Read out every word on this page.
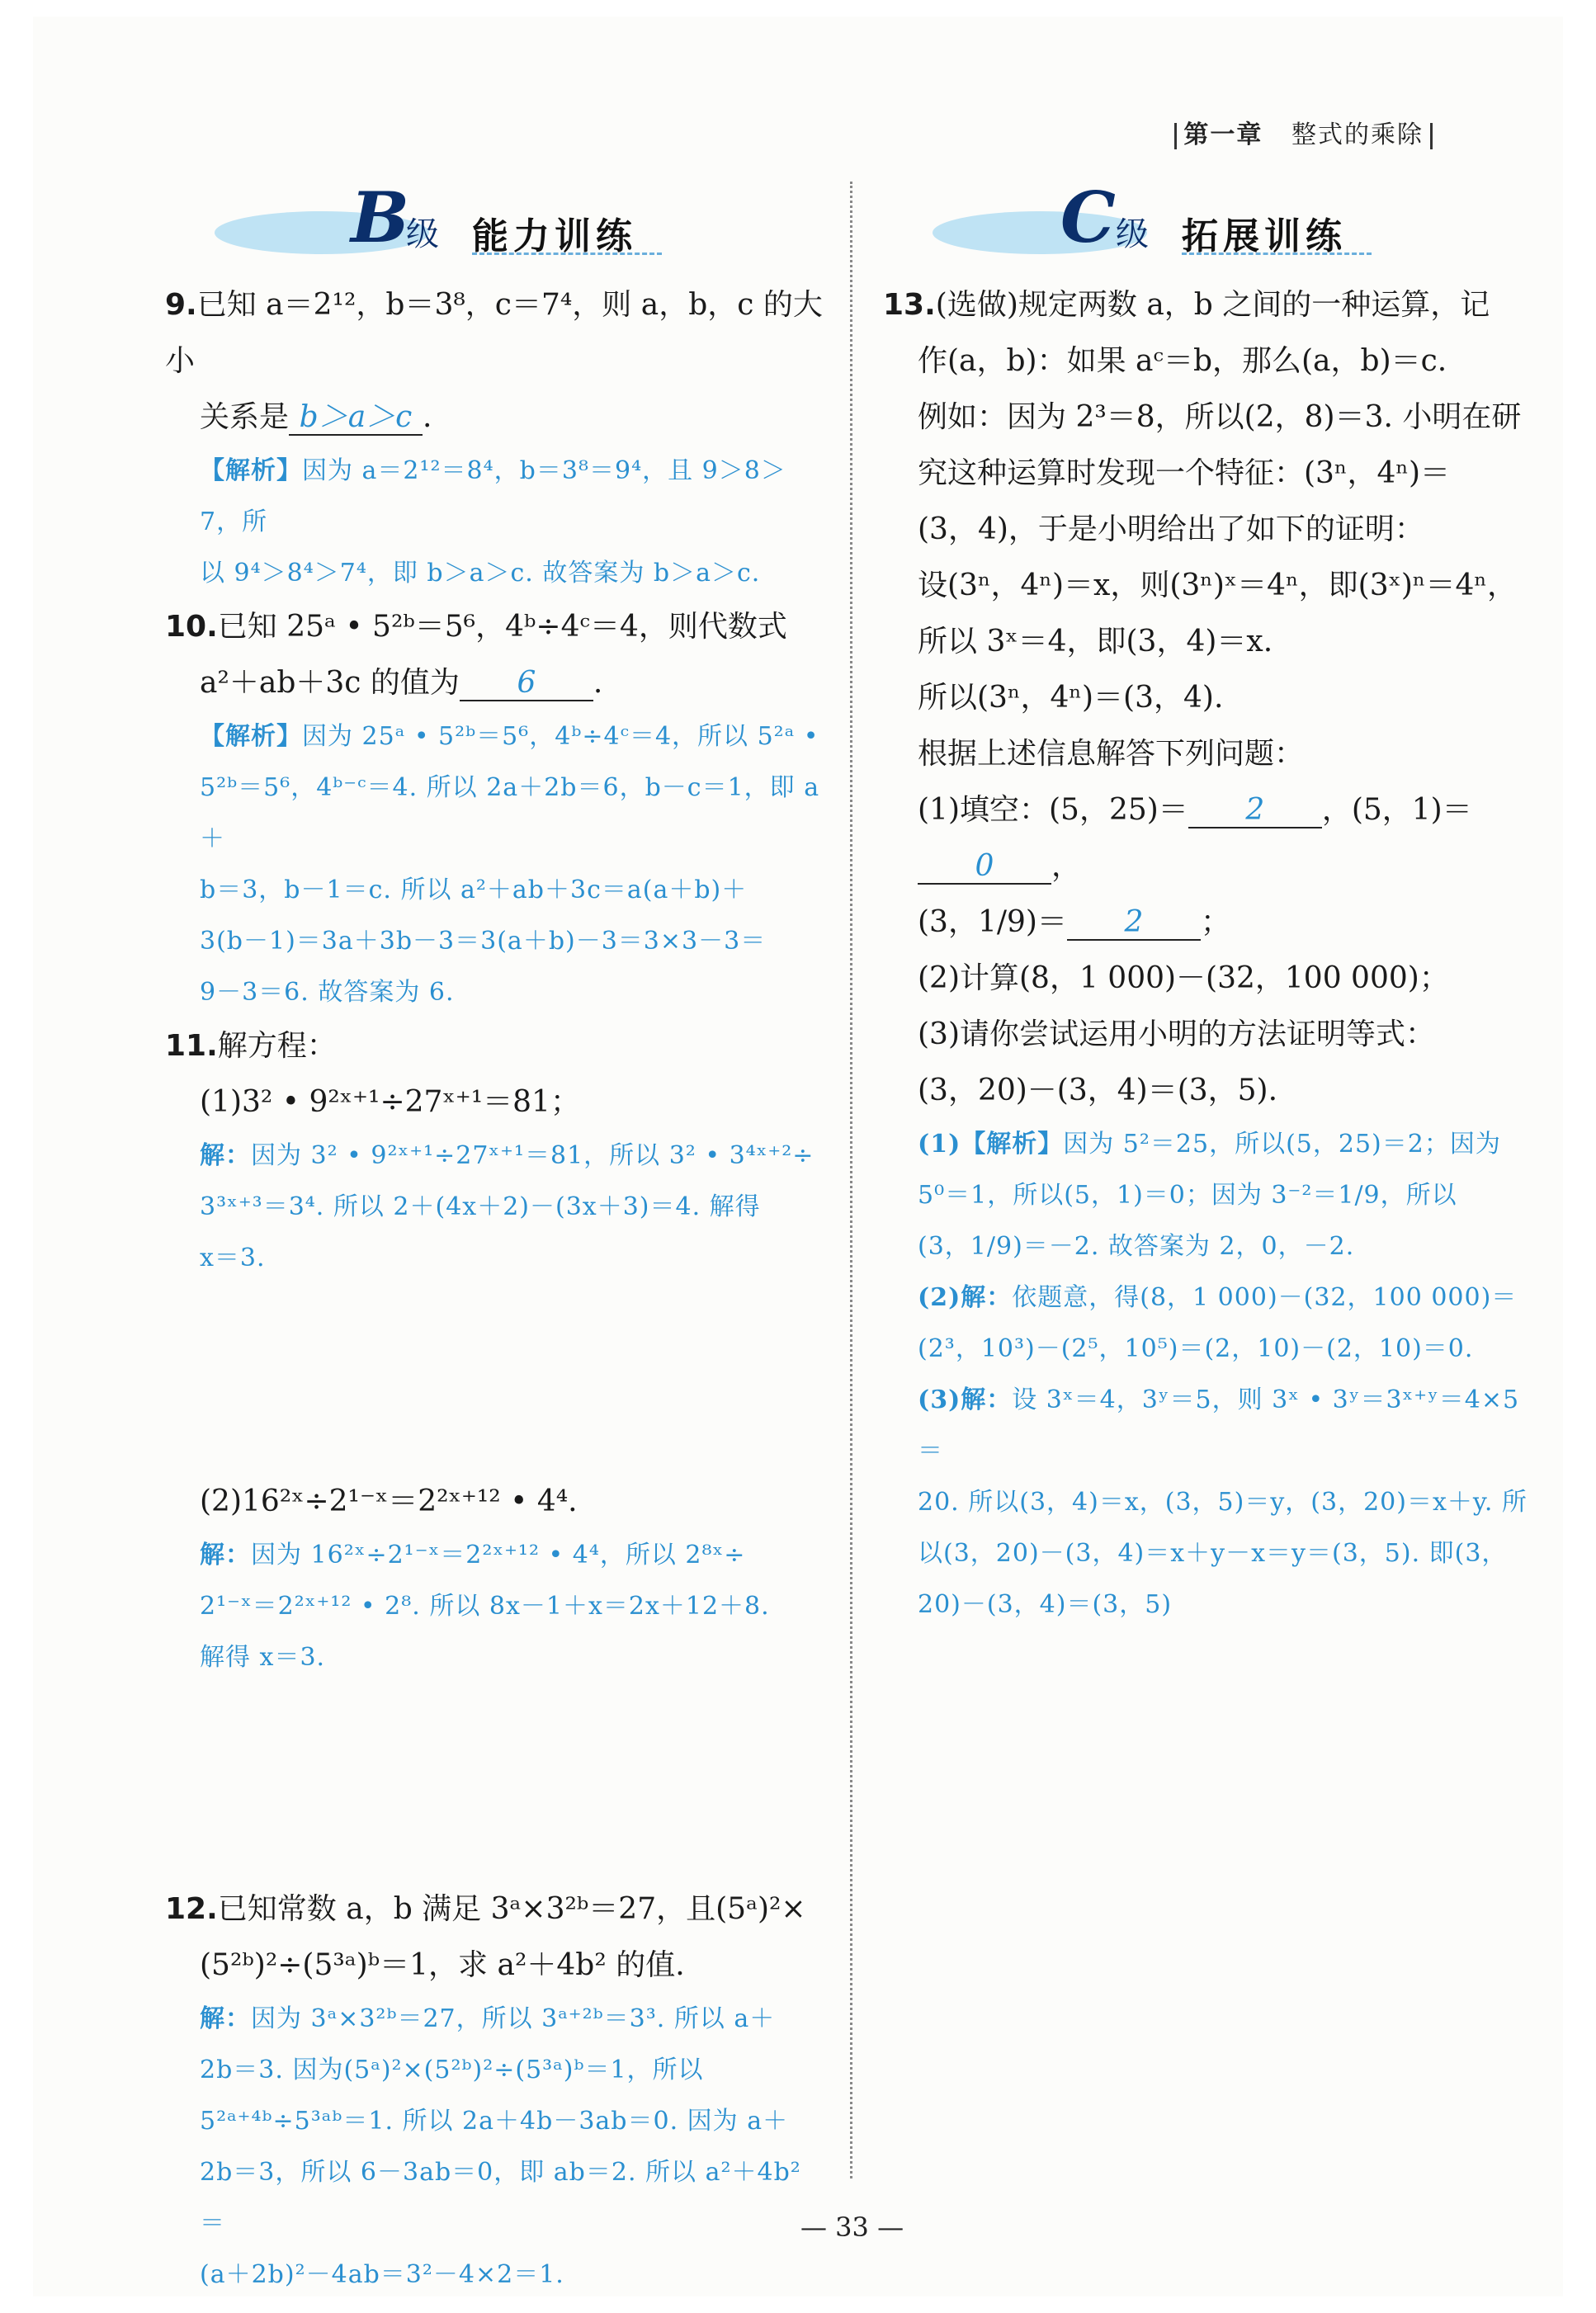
第一章 整式的乘除
B
级 能力训练

9.已知 a＝2¹²，b＝3⁸，c＝7⁴，则 a，b，c 的大小

关系是 b＞a＞c .

【解析】因为 a＝2¹²＝8⁴，b＝3⁸＝9⁴，且 9＞8＞7，所

以 9⁴＞8⁴＞7⁴，即 b＞a＞c. 故答案为 b＞a＞c.

10.已知 25ᵃ • 5²ᵇ＝5⁶，4ᵇ÷4ᶜ＝4，则代数式

a²＋ab＋3c 的值为 6 .

【解析】因为 25ᵃ • 5²ᵇ＝5⁶，4ᵇ÷4ᶜ＝4，所以 5²ᵃ •

5²ᵇ＝5⁶，4ᵇ⁻ᶜ＝4. 所以 2a＋2b＝6，b－c＝1，即 a＋

b＝3，b－1＝c. 所以 a²＋ab＋3c＝a(a＋b)＋

3(b－1)＝3a＋3b－3＝3(a＋b)－3＝3×3－3＝

9－3＝6. 故答案为 6.

11.解方程：

(1)3² • 9²ˣ⁺¹÷27ˣ⁺¹＝81；

解：因为 3² • 9²ˣ⁺¹÷27ˣ⁺¹＝81，所以 3² • 3⁴ˣ⁺²÷

3³ˣ⁺³＝3⁴. 所以 2＋(4x＋2)－(3x＋3)＝4. 解得

x＝3.

(2)16²ˣ÷2¹⁻ˣ＝2²ˣ⁺¹² • 4⁴.

解：因为 16²ˣ÷2¹⁻ˣ＝2²ˣ⁺¹² • 4⁴，所以 2⁸ˣ÷

2¹⁻ˣ＝2²ˣ⁺¹² • 2⁸. 所以 8x－1＋x＝2x＋12＋8.

解得 x＝3.

12.已知常数 a，b 满足 3ᵃ×3²ᵇ＝27，且(5ᵃ)²×

(5²ᵇ)²÷(5³ᵃ)ᵇ＝1，求 a²＋4b² 的值.

解：因为 3ᵃ×3²ᵇ＝27，所以 3ᵃ⁺²ᵇ＝3³. 所以 a＋

2b＝3. 因为(5ᵃ)²×(5²ᵇ)²÷(5³ᵃ)ᵇ＝1，所以

5²ᵃ⁺⁴ᵇ÷5³ᵃᵇ＝1. 所以 2a＋4b－3ab＝0. 因为 a＋

2b＝3，所以 6－3ab＝0，即 ab＝2. 所以 a²＋4b²＝

(a＋2b)²－4ab＝3²－4×2＝1.

C 级 拓展训练

13.(选做)规定两数 a，b 之间的一种运算，记

作(a，b)：如果 aᶜ＝b，那么(a，b)＝c.

例如：因为 2³＝8，所以(2，8)＝3. 小明在研

究这种运算时发现一个特征：(3ⁿ，4ⁿ)＝

(3，4)，于是小明给出了如下的证明：

设(3ⁿ，4ⁿ)＝x，则(3ⁿ)ˣ＝4ⁿ，即(3ˣ)ⁿ＝4ⁿ，

所以 3ˣ＝4，即(3，4)＝x.

所以(3ⁿ，4ⁿ)＝(3，4).

根据上述信息解答下列问题：

(1)填空：(5，25)＝ 2 ，(5，1)＝0 ，

(3，1/9)＝ 2 ；

(2)计算(8，1 000)－(32，100 000)；

(3)请你尝试运用小明的方法证明等式：

(3，20)－(3，4)＝(3，5).

(1)【解析】因为 5²＝25，所以(5，25)＝2；因为

5⁰＝1，所以(5，1)＝0；因为 3⁻²＝1/9，所以

(3，1/9)＝－2. 故答案为 2，0，－2.

(2)解：依题意，得(8，1 000)－(32，100 000)＝

(2³，10³)－(2⁵，10⁵)＝(2，10)－(2，10)＝0.

(3)解：设 3ˣ＝4，3ʸ＝5，则 3ˣ • 3ʸ＝3ˣ⁺ʸ＝4×5＝

20. 所以(3，4)＝x，(3，5)＝y，(3，20)＝x＋y. 所

以(3，20)－(3，4)＝x＋y－x＝y＝(3，5). 即(3，

20)－(3，4)＝(3，5)

— 33 —
